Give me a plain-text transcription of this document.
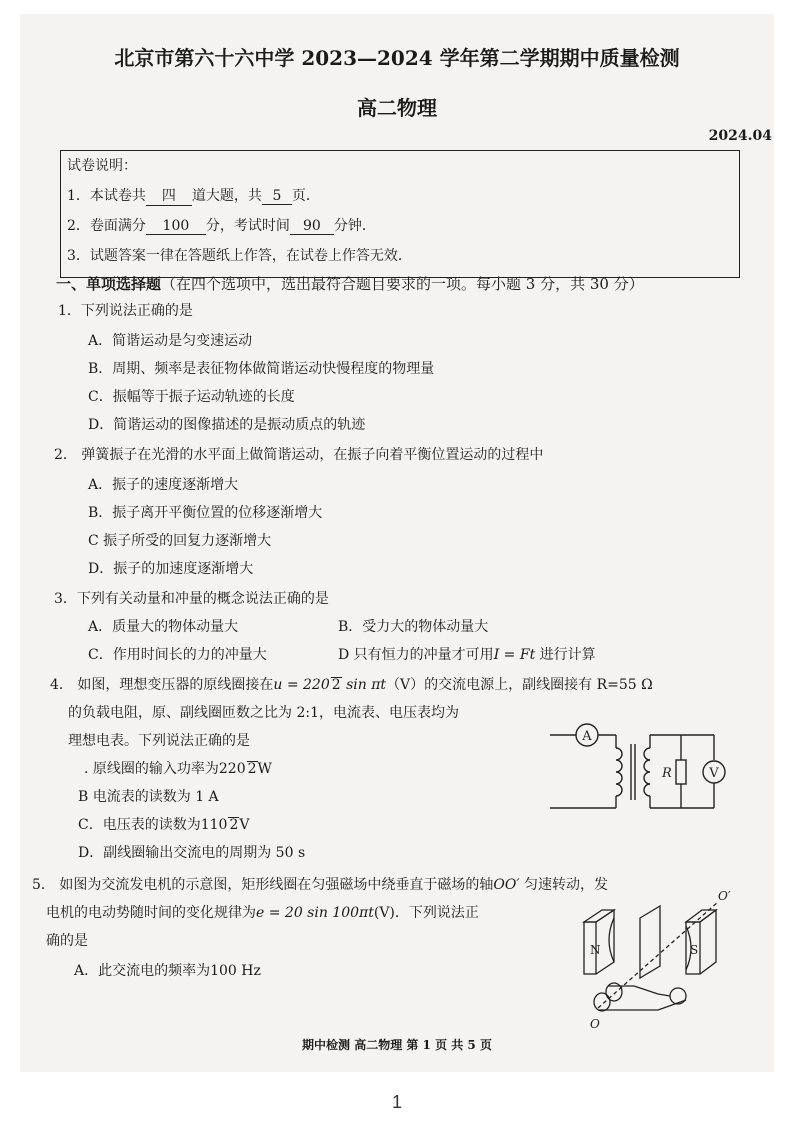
北京市第六十六中学 2023—2024 学年第二学期期中质量检测
高二物理
2024.04
试卷说明：
1．本试卷共 四 道大题，共 5 页．
2．卷面满分 100 分，考试时间 90 分钟．
3．试题答案一律在答题纸上作答，在试卷上作答无效．
一、单项选择题（在四个选项中，选出最符合题目要求的一项。每小题 3 分，共 30 分）
1．下列说法正确的是
A．简谐运动是匀变速运动
B．周期、频率是表征物体做简谐运动快慢程度的物理量
C．振幅等于振子运动轨迹的长度
D．简谐运动的图像描述的是振动质点的轨迹
2． 弹簧振子在光滑的水平面上做简谐运动，在振子向着平衡位置运动的过程中
A．振子的速度逐渐增大
B．振子离开平衡位置的位移逐渐增大
C 振子所受的回复力逐渐增大
D．振子的加速度逐渐增大
3．下列有关动量和冲量的概念说法正确的是
A．质量大的物体动量大	B．受力大的物体动量大
C．作用时间长的力的冲量大	D 只有恒力的冲量才可用I = Ft 进行计算
4． 如图，理想变压器的原线圈接在u = 220 2 sin πt（V）的交流电源上，副线圈接有 R=55 Ω
的负载电阻，原、副线圈匝数之比为 2:1，电流表、电压表均为
理想电表。下列说法正确的是
. 原线圈的输入功率为220 2W
B 电流表的读数为 1 A
C．电压表的读数为110 2V
D．副线圈输出交流电的周期为 50 s
A
R	V
5． 如图为交流发电机的示意图，矩形线圈在匀强磁场中绕垂直于磁场的轴OO′ 匀速转动，发
电机的电动势随时间的变化规律为e = 20 sin 100πt(V)．下列说法正
确的是
A．此交流电的频率为100 Hz
N	S
O′
O
期中检测 高二物理 第 1 页 共 5 页
1
